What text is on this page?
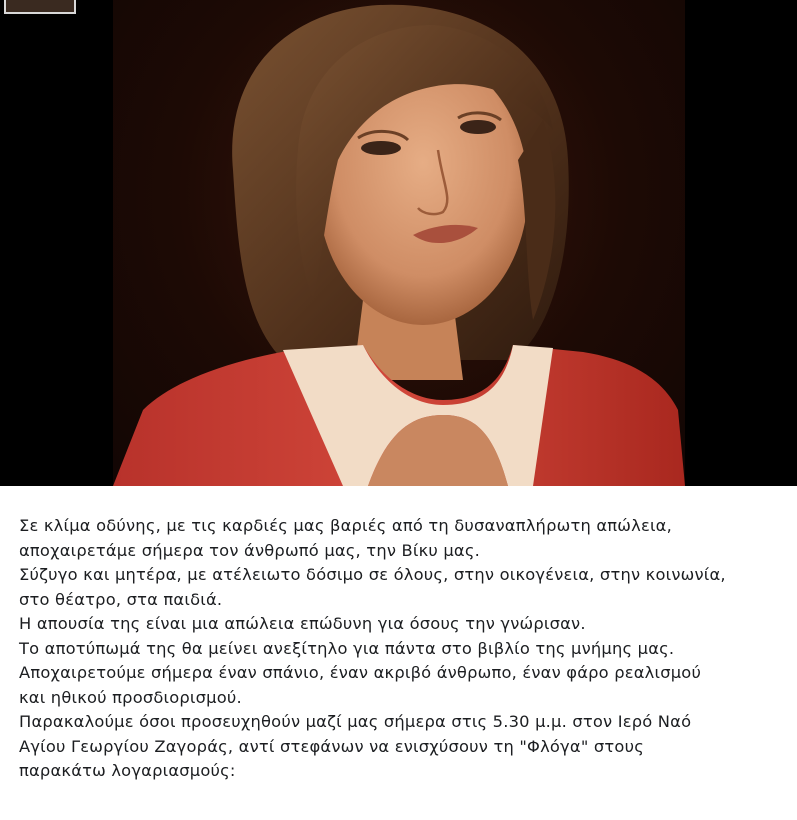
Σε κλίμα οδύνης, με τις καρδιές μας βαριές από τη δυσαναπλήρωτη απώλεια,
αποχαιρετάμε σήμερα τον άνθρωπό μας, την Βίκυ μας.
Σύζυγο και μητέρα, με ατέλειωτο δόσιμο σε όλους, στην οικογένεια, στην κοινωνία,
στο θέατρο, στα παιδιά.
Η απουσία της είναι μια απώλεια επώδυνη για όσους την γνώρισαν.
Το αποτύπωμά της θα μείνει ανεξίτηλο για πάντα στο βιβλίο της μνήμης μας.
Αποχαιρετούμε σήμερα έναν σπάνιο, έναν ακριβό άνθρωπο, έναν φάρο ρεαλισμού
και ηθικού προσδιορισμού.
Παρακαλούμε όσοι προσευχηθούν μαζί μας σήμερα στις 5.30 μ.μ. στον Ιερό Ναό
Αγίου Γεωργίου Ζαγοράς, αντί στεφάνων να ενισχύσουν τη "Φλόγα" στους
παρακάτω λογαριασμούς:
